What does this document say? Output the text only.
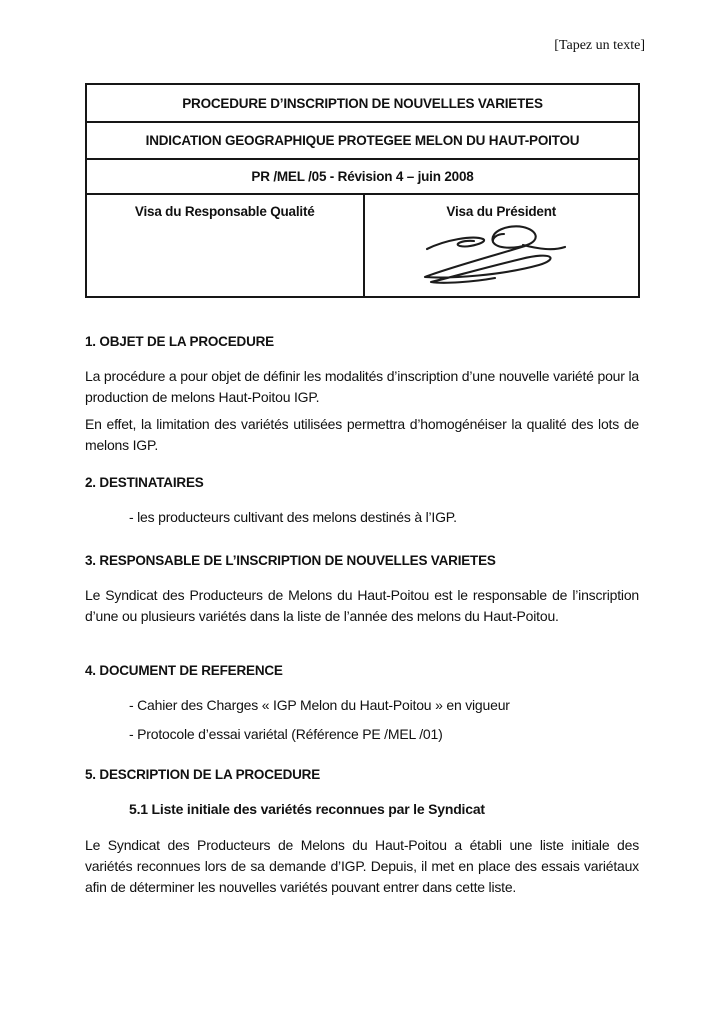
[Tapez un texte]
PROCEDURE D’INSCRIPTION DE NOUVELLES VARIETES
INDICATION GEOGRAPHIQUE PROTEGEE MELON DU HAUT-POITOU
PR /MEL /05 - Révision 4 – juin 2008
Visa du Responsable Qualité	Visa du Président
1. OBJET DE LA PROCEDURE

La procédure a pour objet de définir les modalités d’inscription d’une nouvelle variété pour la production de melons Haut-Poitou IGP.

En effet, la limitation des variétés utilisées permettra d’homogénéiser la qualité des lots de melons IGP.

2. DESTINATAIRES

- les producteurs cultivant des melons destinés à l’IGP.

3. RESPONSABLE DE L’INSCRIPTION DE NOUVELLES VARIETES

Le Syndicat des Producteurs de Melons du Haut-Poitou est le responsable de l’inscription d’une ou plusieurs variétés dans la liste de l’année des melons du Haut-Poitou.

4. DOCUMENT DE REFERENCE

- Cahier des Charges « IGP Melon du Haut-Poitou » en vigueur

- Protocole d’essai variétal (Référence PE /MEL /01)

5. DESCRIPTION DE LA PROCEDURE

5.1 Liste initiale des variétés reconnues par le Syndicat

Le Syndicat des Producteurs de Melons du Haut-Poitou a établi une liste initiale des variétés reconnues lors de sa demande d’IGP. Depuis, il met en place des essais variétaux afin de déterminer les nouvelles variétés pouvant entrer dans cette liste.
